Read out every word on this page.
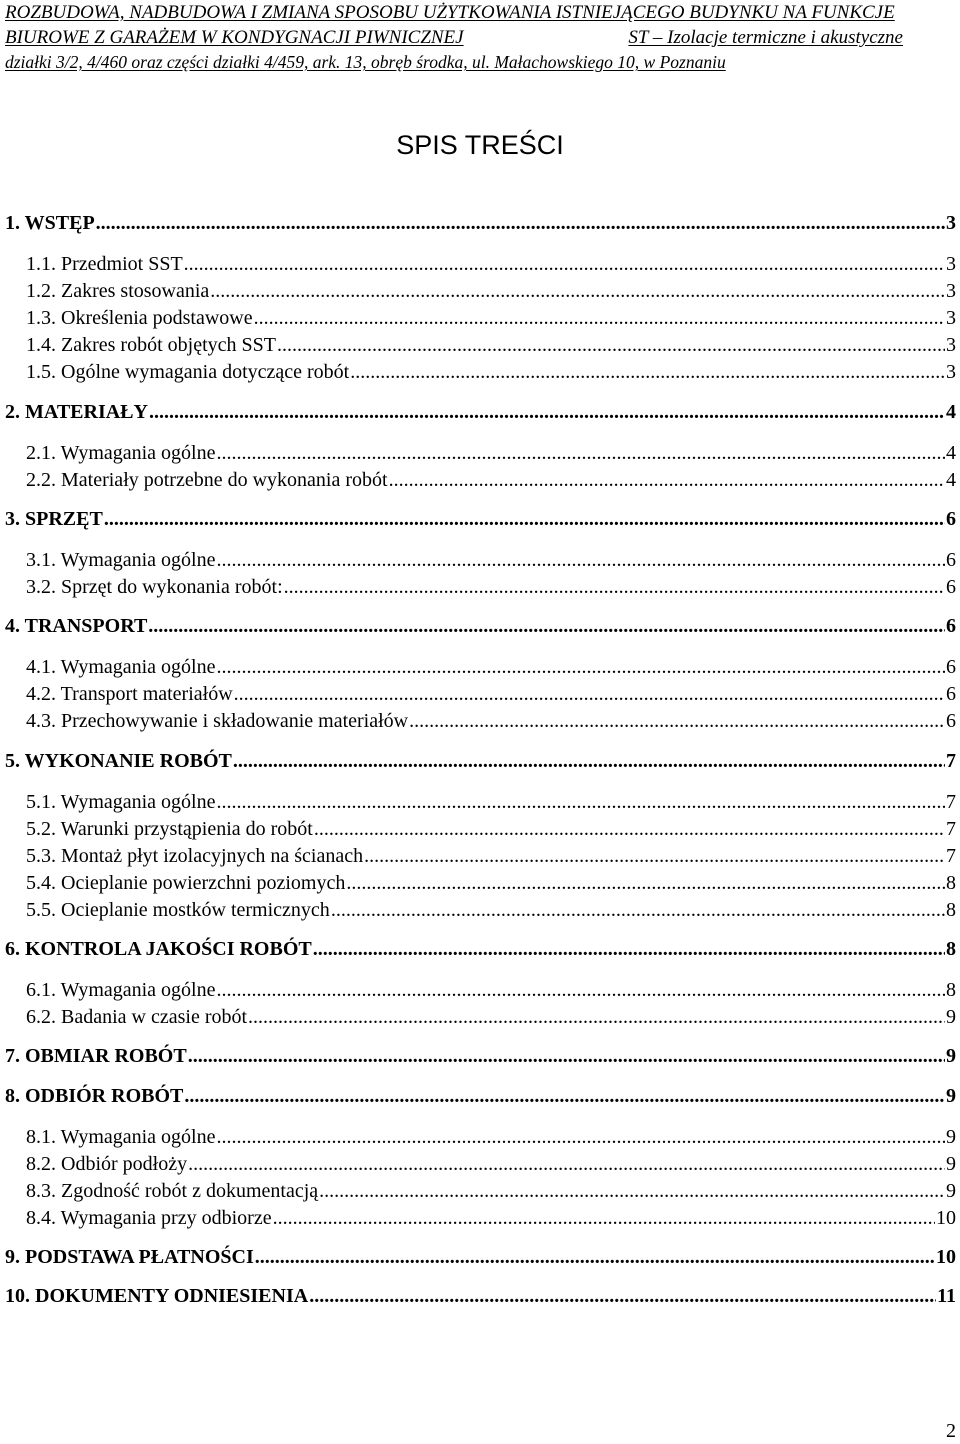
ROZBUDOWA, NADBUDOWA I ZMIANA SPOSOBU UŻYTKOWANIA ISTNIEJĄCEGO BUDYNKU NA FUNKCJE
BIUROWE Z GARAŻEM W KONDYGNACJI PIWNICZNEJ	ST – Izolacje termiczne i akustyczne
działki 3/2, 4/460 oraz części działki 4/459, ark. 13, obręb środka, ul. Małachowskiego 10, w Poznaniu
SPIS TREŚCI
1. WSTĘP .....	3
1.1. Przedmiot SST .....	3
1.2. Zakres stosowania .....	3
1.3. Określenia podstawowe .....	3
1.4. Zakres robót objętych SST .....	3
1.5. Ogólne wymagania dotyczące robót .....	3
2. MATERIAŁY .....	4
2.1. Wymagania ogólne .....	4
2.2. Materiały potrzebne do wykonania robót .....	4
3. SPRZĘT .....	6
3.1. Wymagania ogólne .....	6
3.2. Sprzęt do wykonania robót: .....	6
4. TRANSPORT .....	6
4.1. Wymagania ogólne .....	6
4.2. Transport materiałów .....	6
4.3. Przechowywanie i składowanie materiałów .....	6
5. WYKONANIE ROBÓT .....	7
5.1. Wymagania ogólne .....	7
5.2. Warunki przystąpienia do robót .....	7
5.3. Montaż płyt izolacyjnych na ścianach .....	7
5.4. Ocieplanie powierzchni poziomych .....	8
5.5. Ocieplanie mostków termicznych .....	8
6. KONTROLA JAKOŚCI ROBÓT .....	8
6.1. Wymagania ogólne .....	8
6.2. Badania w czasie robót .....	9
7. OBMIAR ROBÓT .....	9
8. ODBIÓR ROBÓT .....	9
8.1. Wymagania ogólne .....	9
8.2. Odbiór podłoży .....	9
8.3. Zgodność robót z dokumentacją .....	9
8.4. Wymagania przy odbiorze .....	10
9. PODSTAWA PŁATNOŚCI .....	10
10. DOKUMENTY ODNIESIENIA .....	11
2
